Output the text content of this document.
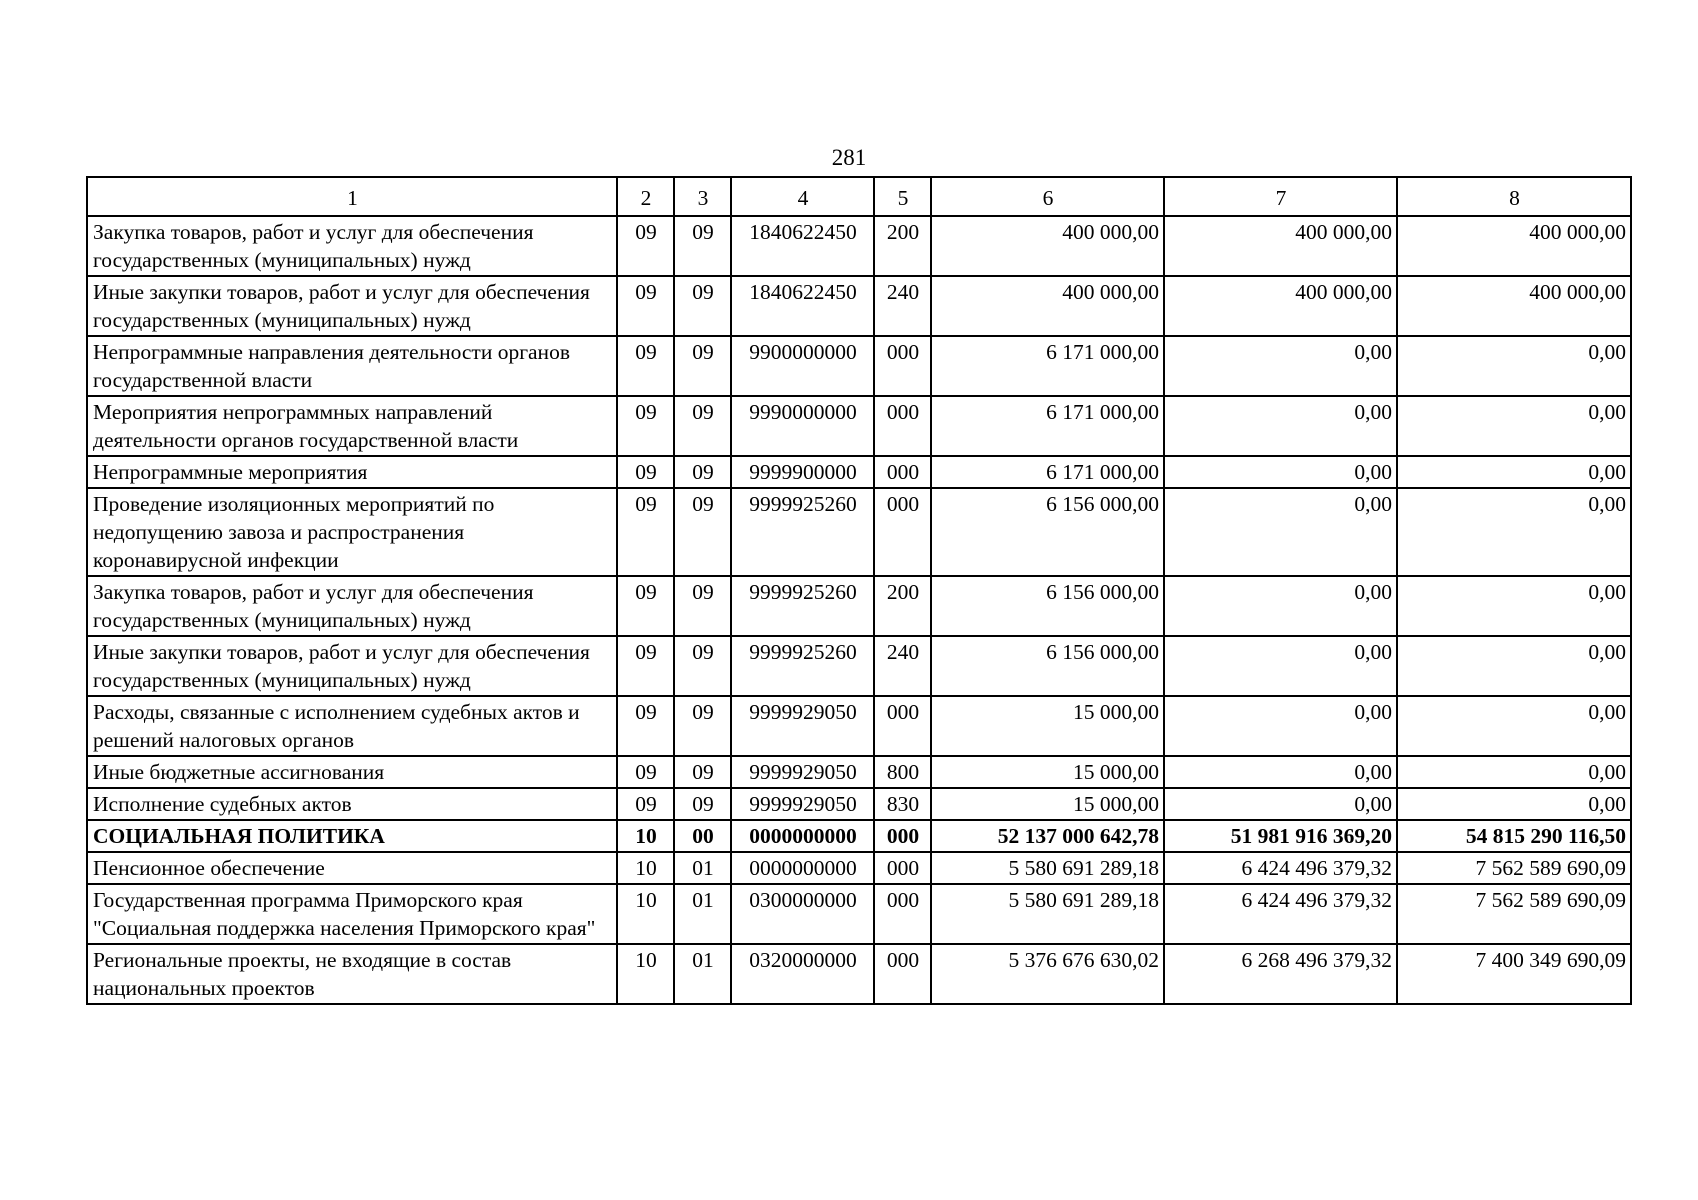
281
1	2	3	4	5	6	7	8
Закупка товаров, работ и услуг для обеспечения государственных (муниципальных) нужд	09	09	1840622450	200	400 000,00	400 000,00	400 000,00
Иные закупки товаров, работ и услуг для обеспечения государственных (муниципальных) нужд	09	09	1840622450	240	400 000,00	400 000,00	400 000,00
Непрограммные направления деятельности органов государственной власти	09	09	9900000000	000	6 171 000,00	0,00	0,00
Мероприятия непрограммных направлений деятельности органов государственной власти	09	09	9990000000	000	6 171 000,00	0,00	0,00
Непрограммные мероприятия	09	09	9999900000	000	6 171 000,00	0,00	0,00
Проведение изоляционных мероприятий по недопущению завоза и распространения коронавирусной инфекции	09	09	9999925260	000	6 156 000,00	0,00	0,00
Закупка товаров, работ и услуг для обеспечения государственных (муниципальных) нужд	09	09	9999925260	200	6 156 000,00	0,00	0,00
Иные закупки товаров, работ и услуг для обеспечения государственных (муниципальных) нужд	09	09	9999925260	240	6 156 000,00	0,00	0,00
Расходы, связанные с исполнением судебных актов и решений налоговых органов	09	09	9999929050	000	15 000,00	0,00	0,00
Иные бюджетные ассигнования	09	09	9999929050	800	15 000,00	0,00	0,00
Исполнение судебных актов	09	09	9999929050	830	15 000,00	0,00	0,00
СОЦИАЛЬНАЯ ПОЛИТИКА	10	00	0000000000	000	52 137 000 642,78	51 981 916 369,20	54 815 290 116,50
Пенсионное обеспечение	10	01	0000000000	000	5 580 691 289,18	6 424 496 379,32	7 562 589 690,09
Государственная программа Приморского края "Социальная поддержка населения Приморского края"	10	01	0300000000	000	5 580 691 289,18	6 424 496 379,32	7 562 589 690,09
Региональные проекты, не входящие в состав национальных проектов	10	01	0320000000	000	5 376 676 630,02	6 268 496 379,32	7 400 349 690,09
